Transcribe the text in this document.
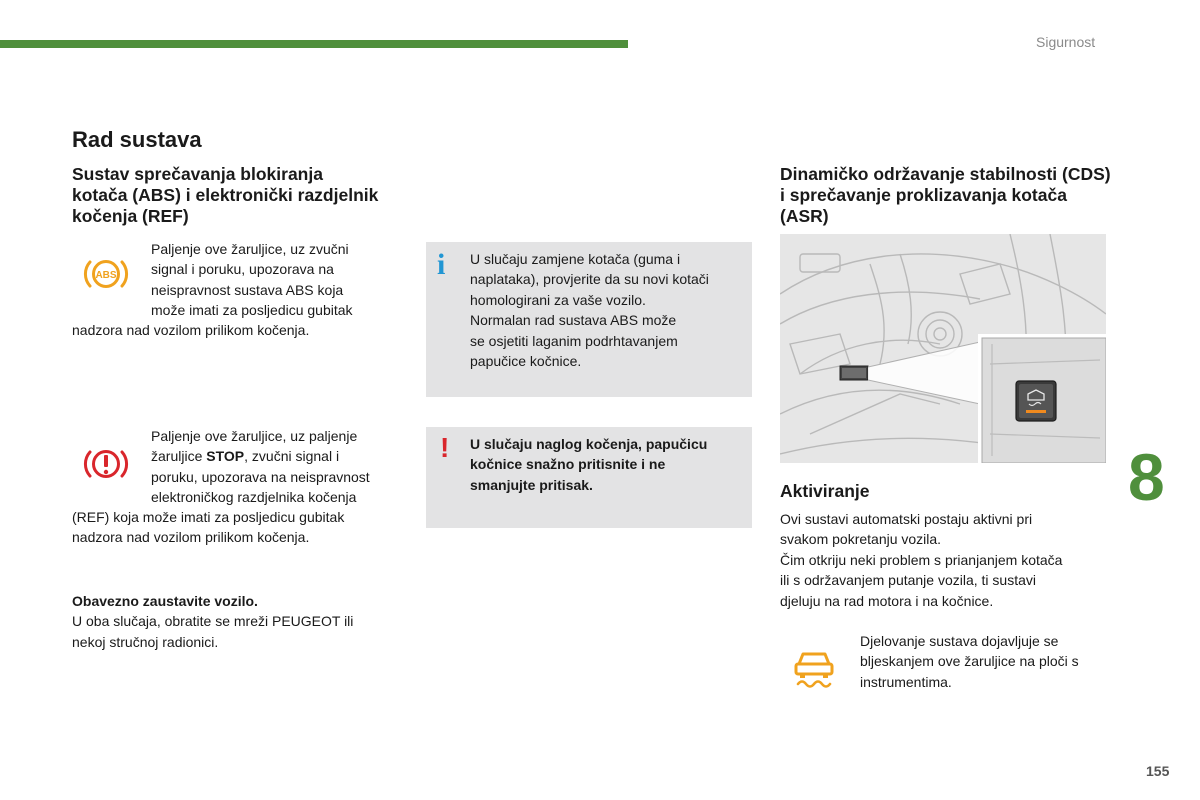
Sigurnost
Rad sustava
Sustav sprečavanja blokiranja kotača (ABS) i elektronički razdjelnik kočenja (REF)
ABS
Paljenje ove žaruljice, uz zvučni
signal i poruku, upozorava na
neispravnost sustava ABS koja
može imati za posljedicu gubitak
nadzora nad vozilom prilikom kočenja.
Paljenje ove žaruljice, uz paljenje
žaruljice STOP, zvučni signal i
poruku, upozorava na neispravnost
elektroničkog razdjelnika kočenja
(REF) koja može imati za posljedicu gubitak
nadzora nad vozilom prilikom kočenja.
Obavezno zaustavite vozilo.
U oba slučaja, obratite se mreži PEUGEOT ili
nekoj stručnoj radionici.
i U slučaju zamjene kotača (guma i
naplataka), provjerite da su novi kotači
homologirani za vaše vozilo.
Normalan rad sustava ABS može
se osjetiti laganim podrhtavanjem
papučice kočnice.
! U slučaju naglog kočenja, papučicu
kočnice snažno pritisnite i ne
smanjujte pritisak.
Dinamičko održavanje stabilnosti (CDS) i sprečavanje proklizavanja kotača (ASR)
Aktiviranje
Ovi sustavi automatski postaju aktivni pri
svakom pokretanju vozila.
Čim otkriju neki problem s prianjanjem kotača
ili s održavanjem putanje vozila, ti sustavi
djeluju na rad motora i na kočnice.
Djelovanje sustava dojavljuje se
bljeskanjem ove žaruljice na ploči s
instrumentima.
8
155
